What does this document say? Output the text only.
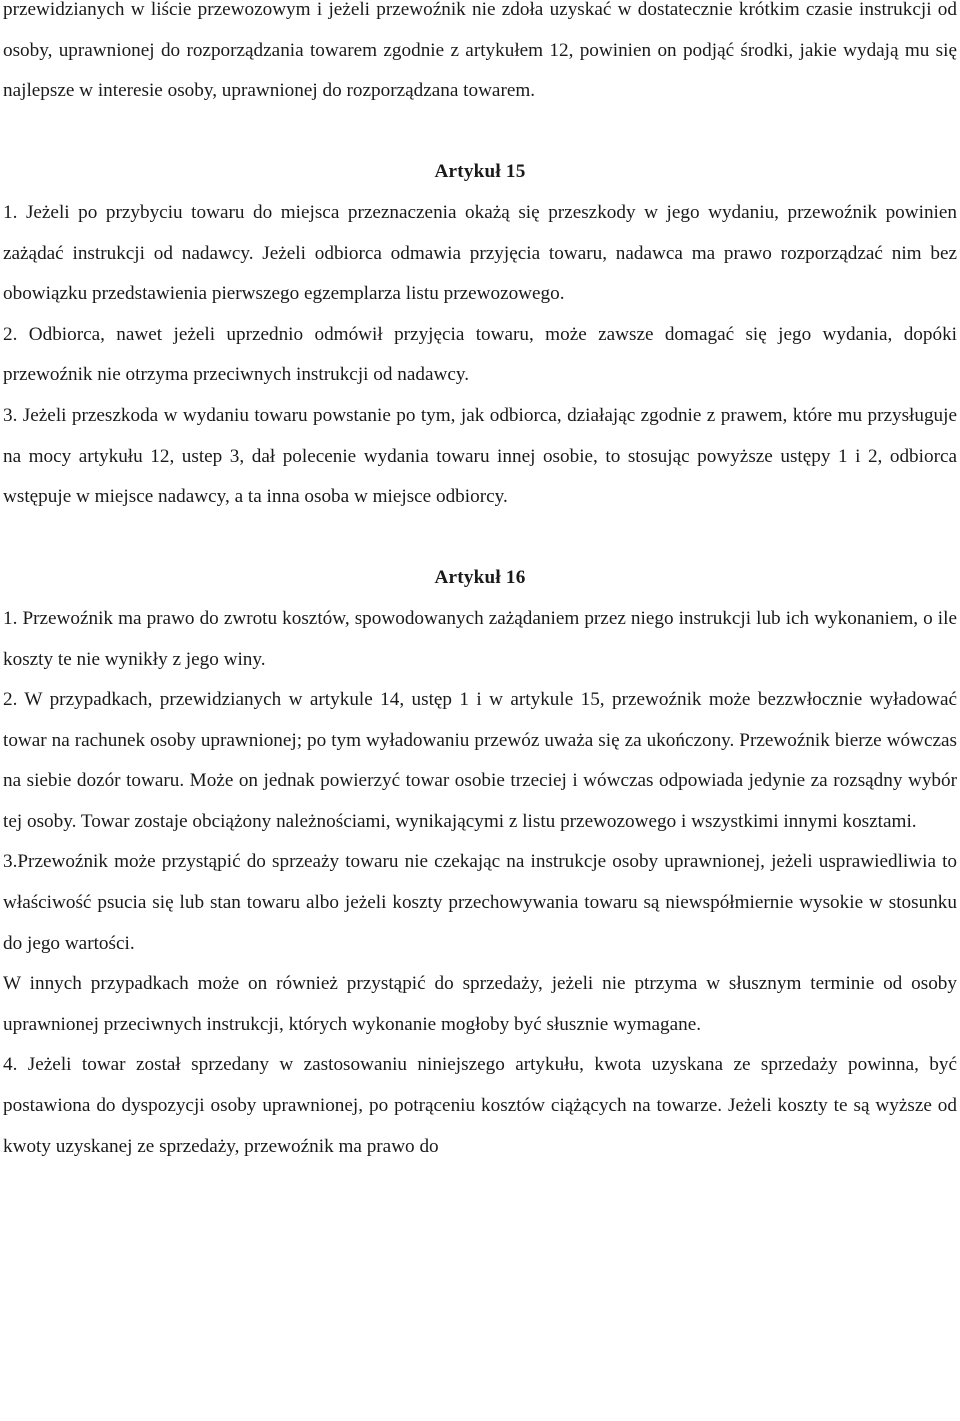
przewidzianych w liście przewozowym i jeżeli przewoźnik nie zdoła uzyskać w dostatecznie krótkim czasie instrukcji od osoby, uprawnionej do rozporządzania towarem zgodnie z artykułem 12, powinien on podjąć środki, jakie wydają mu się najlepsze w interesie osoby, uprawnionej do rozporządzana towarem.

Artykuł 15

1. Jeżeli po przybyciu towaru do miejsca przeznaczenia okażą się przeszkody w jego wydaniu, przewoźnik powinien zażądać instrukcji od nadawcy. Jeżeli odbiorca odmawia przyjęcia towaru, nadawca ma prawo rozporządzać nim bez obowiązku przedstawienia pierwszego egzemplarza listu przewozowego.

2. Odbiorca, nawet jeżeli uprzednio odmówił przyjęcia towaru, może zawsze domagać się jego wydania, dopóki przewoźnik nie otrzyma przeciwnych instrukcji od nadawcy.

3. Jeżeli przeszkoda w wydaniu towaru powstanie po tym, jak odbiorca, działając zgodnie z prawem, które mu przysługuje na mocy artykułu 12, ustep 3, dał polecenie wydania towaru innej osobie, to stosując powyższe ustępy 1 i 2, odbiorca wstępuje w miejsce nadawcy, a ta inna osoba w miejsce odbiorcy.

Artykuł 16

1. Przewoźnik ma prawo do zwrotu kosztów, spowodowanych zażądaniem przez niego instrukcji lub ich wykonaniem, o ile koszty te nie wynikły z jego winy.

2. W przypadkach, przewidzianych w artykule 14, ustęp 1 i w artykule 15, przewoźnik może bezzwłocznie wyładować towar na rachunek osoby uprawnionej; po tym wyładowaniu przewóz uważa się za ukończony. Przewoźnik bierze wówczas na siebie dozór towaru. Może on jednak powierzyć towar osobie trzeciej i wówczas odpowiada jedynie za rozsądny wybór tej osoby. Towar zostaje obciążony należnościami, wynikającymi z listu przewozowego i wszystkimi innymi kosztami.

3.Przewoźnik może przystąpić do sprzeaży towaru nie czekając na instrukcje osoby uprawnionej, jeżeli usprawiedliwia to właściwość psucia się lub stan towaru albo jeżeli koszty przechowywania towaru są niewspółmiernie wysokie w stosunku do jego wartości.

W innych przypadkach może on również przystąpić do sprzedaży, jeżeli nie ptrzyma w słusznym terminie od osoby uprawnionej przeciwnych instrukcji, których wykonanie mogłoby być słusznie wymagane.

4. Jeżeli towar został sprzedany w zastosowaniu niniejszego artykułu, kwota uzyskana ze sprzedaży powinna, być postawiona do dyspozycji osoby uprawnionej, po potrąceniu kosztów ciążących na towarze. Jeżeli koszty te są wyższe od kwoty uzyskanej ze sprzedaży, przewoźnik ma prawo do
